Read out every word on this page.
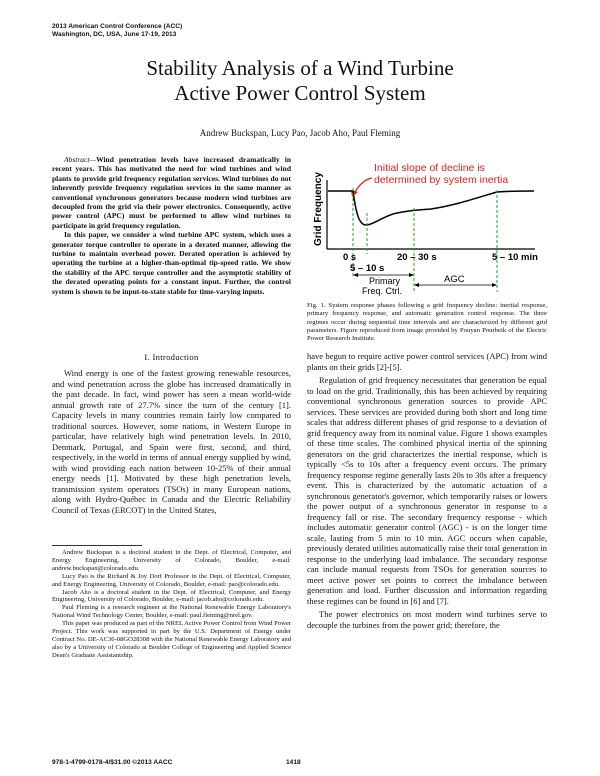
2013 American Control Conference (ACC)
Washington, DC, USA, June 17-19, 2013
Stability Analysis of a Wind Turbine
Active Power Control System
Andrew Buckspan, Lucy Pao, Jacob Aho, Paul Fleming

Abstract—Wind penetration levels have increased dramatically in recent years. This has motivated the need for wind turbines and wind plants to provide grid frequency regulation services. Wind turbines do not inherently provide frequency regulation services in the same manner as conventional synchronous generators because modern wind turbines are decoupled from the grid via their power electronics. Consequently, active power control (APC) must be performed to allow wind turbines to participate in grid frequency regulation.

In this paper, we consider a wind turbine APC system, which uses a generator torque controller to operate in a derated manner, allowing the turbine to maintain overhead power. Derated operation is achieved by operating the turbine at a higher-than-optimal tip-speed ratio. We show the stability of the APC torque controller and the asymptotic stability of the derated operating points for a constant input. Further, the control system is shown to be input-to-state stable for time-varying inputs.

I. Introduction

Wind energy is one of the fastest growing renewable resources, and wind penetration across the globe has increased dramatically in the past decade. In fact, wind power has seen a mean world-wide annual growth rate of 27.7% since the turn of the century [1]. Capacity levels in many countries remain fairly low compared to traditional sources. However, some nations, in Western Europe in particular, have relatively high wind penetration levels. In 2010, Denmark, Portugal, and Spain were first, second, and third, respectively, in the world in terms of annual energy supplied by wind, with wind providing each nation between 10-25% of their annual energy needs [1]. Motivated by these high penetration levels, transmission system operators (TSOs) in many European nations, along with Hydro-Québec in Canada and the Electric Reliability Council of Texas (ERCOT) in the United States,

Andrew Buckspan is a doctoral student in the Dept. of Electrical, Computer, and Energy Engineering, University of Colorado, Boulder, e-mail: andrew.buckspan@colorado.edu.

Lucy Pao is the Richard & Joy Dorf Professor in the Dept. of Electrical, Computer, and Energy Engineering, University of Colorado, Boulder, e-mail: pao@colorado.edu.

Jacob Aho is a doctoral student in the Dept. of Electrical, Computer, and Energy Engineering, University of Colorado, Boulder, e-mail: jacob.aho@colorado.edu.

Paul Fleming is a research engineer at the National Renewable Energy Laboratory's National Wind Technology Center, Boulder, e-mail: paul.fleming@nrel.gov.

This paper was produced as part of the NREL Active Power Control from Wind Power Project. This work was supported in part by the U.S. Department of Energy under Contract No. DE-AC36-08GO28308 with the National Renewable Energy Laboratory and also by a University of Colorado at Boulder College of Engineering and Applied Science Dean's Graduate Assistantship.

Initial slope of decline is
determined by system inertia
Grid Frequency
0 s	20 – 30 s	5 – 10 min
5 – 10 s
Primary
Freq. Ctrl.
AGC
Fig. 1. System response phases following a grid frequency decline: inertial response, primary frequency response, and automatic generation control response. The three regimes occur during sequential time intervals and are characterized by different grid parameters. Figure reproduced from image provided by Pouyan Pourbeik of the Electric Power Research Institute.

have begun to require active power control services (APC) from wind plants on their grids [2]-[5].

Regulation of grid frequency necessitates that generation be equal to load on the grid. Traditionally, this has been achieved by requiring conventional synchronous generation sources to provide APC services. These services are provided during both short and long time scales that address different phases of grid response to a deviation of grid frequency away from its nominal value. Figure 1 shows examples of these time scales. The combined physical inertia of the spinning generators on the grid characterizes the inertial response, which is typically <5s to 10s after a frequency event occurs. The primary frequency response regime generally lasts 20s to 30s after a frequency event. This is characterized by the automatic actuation of a synchronous generator's governor, which temporarily raises or lowers the power output of a synchronous generator in response to a frequency fall or rise. The secondary frequency response - which includes automatic generator control (AGC) - is on the longer time scale, lasting from 5 min to 10 min. AGC occurs when capable, previously derated utilities automatically raise their total generation in response to the underlying load imbalance. The secondary response can include manual requests from TSOs for generation sources to meet active power set points to correct the imbalance between generation and load. Further discussion and information regarding these regimes can be found in [6] and [7].

The power electronics on most modern wind turbines serve to decouple the turbines from the power grid; therefore, the

978-1-4799-0178-4/$31.00 ©2013 AACC	1418
